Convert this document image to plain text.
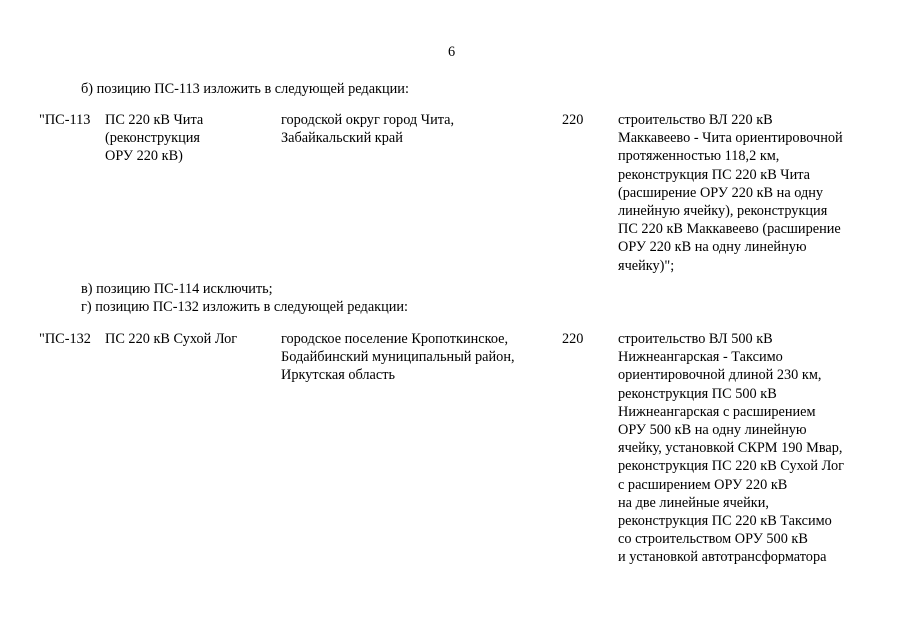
6
б) позицию ПС-113 изложить в следующей редакции:
"ПС-113 ПС 220 кВ Чита
(реконструкция
ОРУ 220 кВ)
городской округ город Чита,
Забайкальский край
220 строительство ВЛ 220 кВ
Маккавеево - Чита ориентировочной
протяженностью 118,2 км,
реконструкция ПС 220 кВ Чита
(расширение ОРУ 220 кВ на одну
линейную ячейку), реконструкция
ПС 220 кВ Маккавеево (расширение
ОРУ 220 кВ на одну линейную
ячейку)";
в) позицию ПС-114 исключить;
г) позицию ПС-132 изложить в следующей редакции:
"ПС-132 ПС 220 кВ Сухой Лог	городское поселение Кропоткинское,
Бодайбинский муниципальный район,
Иркутская область
220 строительство ВЛ 500 кВ
Нижнеангарская - Таксимо
ориентировочной длиной 230 км,
реконструкция ПС 500 кВ
Нижнеангарская с расширением
ОРУ 500 кВ на одну линейную
ячейку, установкой СКРМ 190 Мвар,
реконструкция ПС 220 кВ Сухой Лог
с расширением ОРУ 220 кВ
на две линейные ячейки,
реконструкция ПС 220 кВ Таксимо
со строительством ОРУ 500 кВ
и установкой автотрансформатора
